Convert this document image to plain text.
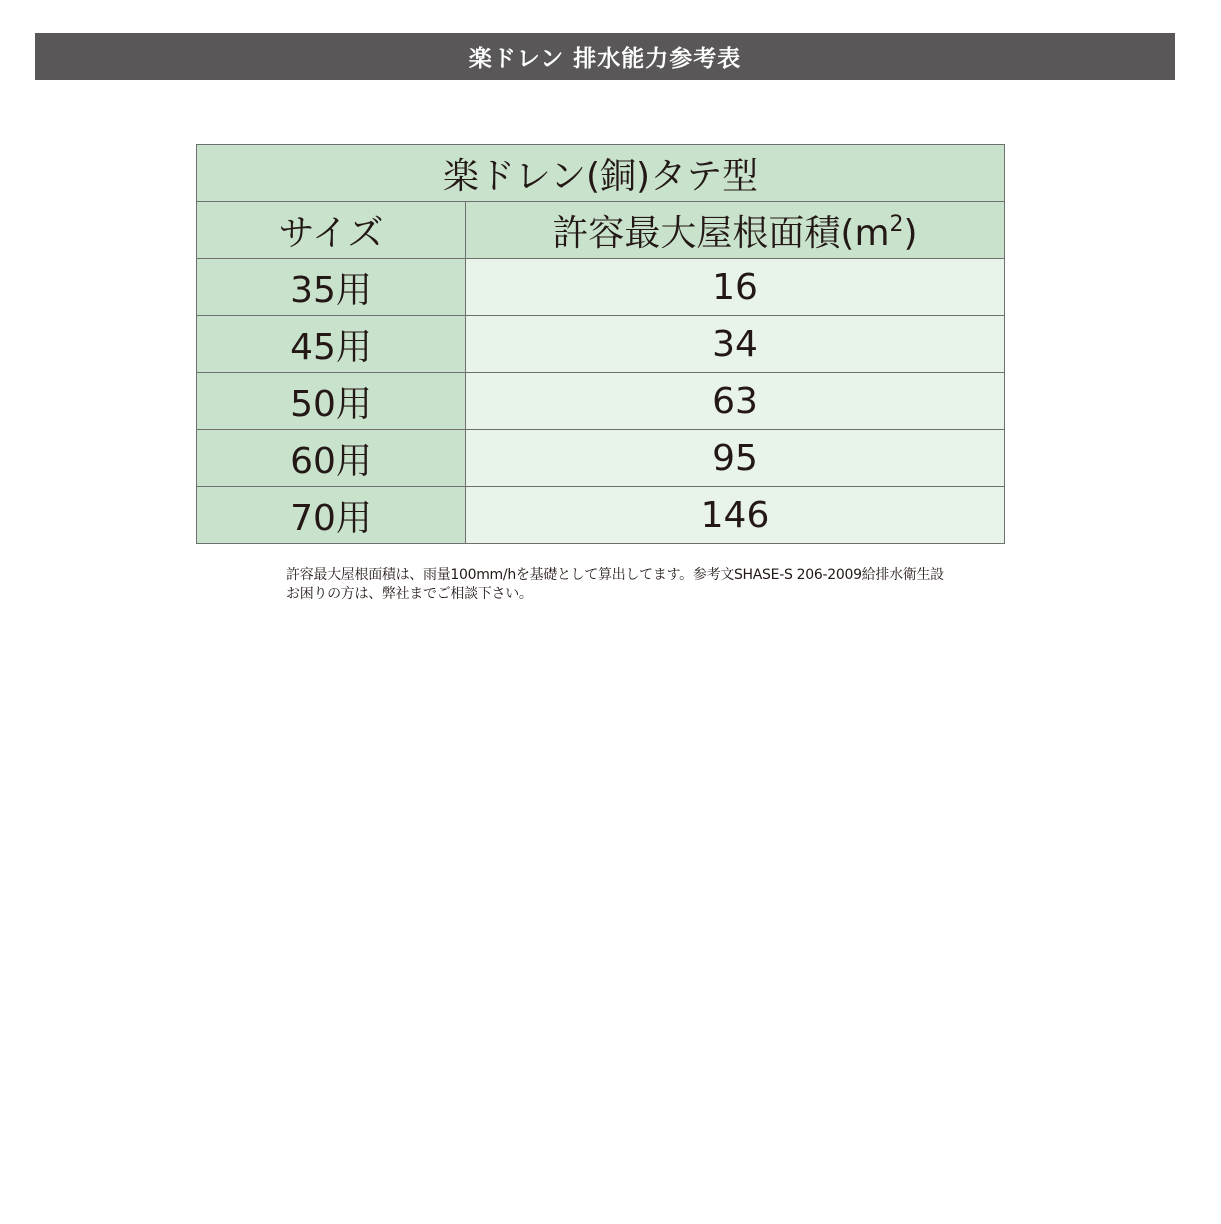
楽ドレン 排水能力参考表
楽ドレン(銅)タテ型	
サイズ	許容最大屋根面積$(m^2)$
35用	16
45用	34
50用	63
60用	95
70用	146
許容最大屋根面積は、雨量100mm/hを基礎として算出してます。参考文SHASE-S 206-2009給排水衛生設
お困りの方は、弊社までご相談下さい。
